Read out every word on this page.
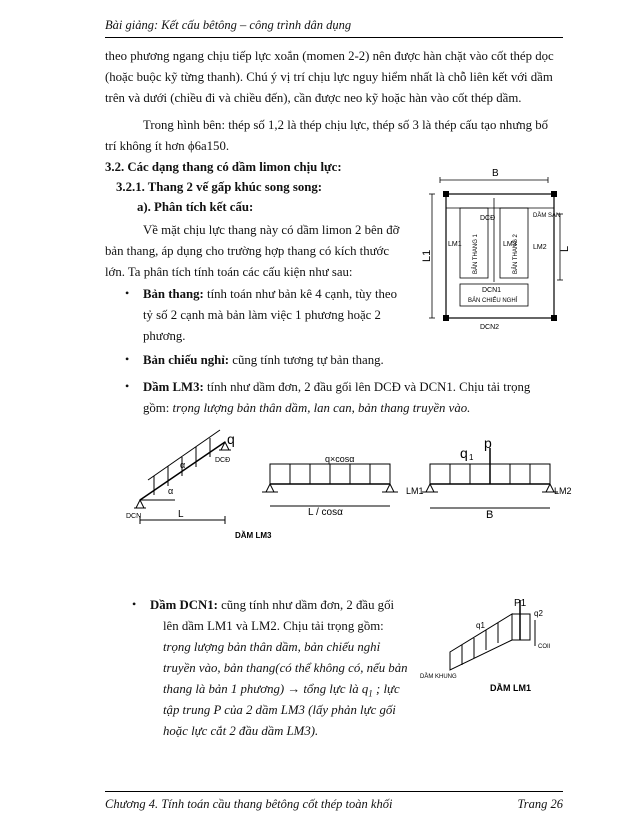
Bài giảng: Kết cấu bêtông – công trình dân dụng
theo phương ngang chịu tiếp lực xoắn (momen 2-2) nên được hàn chặt vào cốt thép dọc
(hoặc buộc kỹ từng thanh). Chú ý vị trí chịu lực nguy hiểm nhất là chỗ liên kết với dầm
trên và dưới (chiều đi và chiều đến), cần được neo kỹ hoặc hàn vào cốt thép dầm.
Trong hình bên: thép số 1,2 là thép chịu lực, thép số 3 là thép cấu tạo nhưng bố
trí không ít hơn ϕ6a150.
3.2. Các dạng thang có dầm limon chịu lực:
3.2.1. Thang 2 vế gấp khúc song song:
a). Phân tích kết cấu:
Về mặt chịu lực thang này có dầm limon 2 bên đỡ
bản thang, áp dụng cho trường hợp thang có kích thước
lớn. Ta phân tích tính toán các cấu kiện như sau:
• Bản thang: tính toán như bản kê 4 cạnh, tùy theo
tỷ số 2 cạnh mà bản làm việc 1 phương hoặc 2
phương.
• Bản chiếu nghỉ: cũng tính tương tự bản thang.
• Dầm LM3: tính như dầm đơn, 2 đầu gối lên DCĐ và DCN1. Chịu tải trọng
gồm: trọng lượng bản thân dầm, lan can, bản thang truyền vào.
• Dầm DCN1: cũng tính như dầm đơn, 2 đầu gối
lên dầm LM1 và LM2. Chịu tải trọng gồm:
trọng lượng bản thân dầm, bản chiếu nghỉ
truyền vào, bản thang(có thể không có, nếu bản
thang là bản 1 phương) → tổng lực là $q_1$ ; lực
tập trung P của 2 dầm LM3 (lấy phản lực gối
hoặc lực cắt 2 đầu dầm LM3).
B
DCĐ	DẦM SÀN
LM1	LM3 LM2
DCN1
BẢN CHIẾU NGHỈ
DCN2
BẢN THANG 1	BẢN THANG 2
L1
L
q
α
α
DCĐ
DCN	L
q×cosα
L / cosα
DẦM LM3
q 1
p
LM1	LM2
B
P1
q1
q2
COII
DẦM KHUNG
DẦM LM1
Chương 4. Tính toán cầu thang bêtông cốt thép toàn khối	Trang 26
